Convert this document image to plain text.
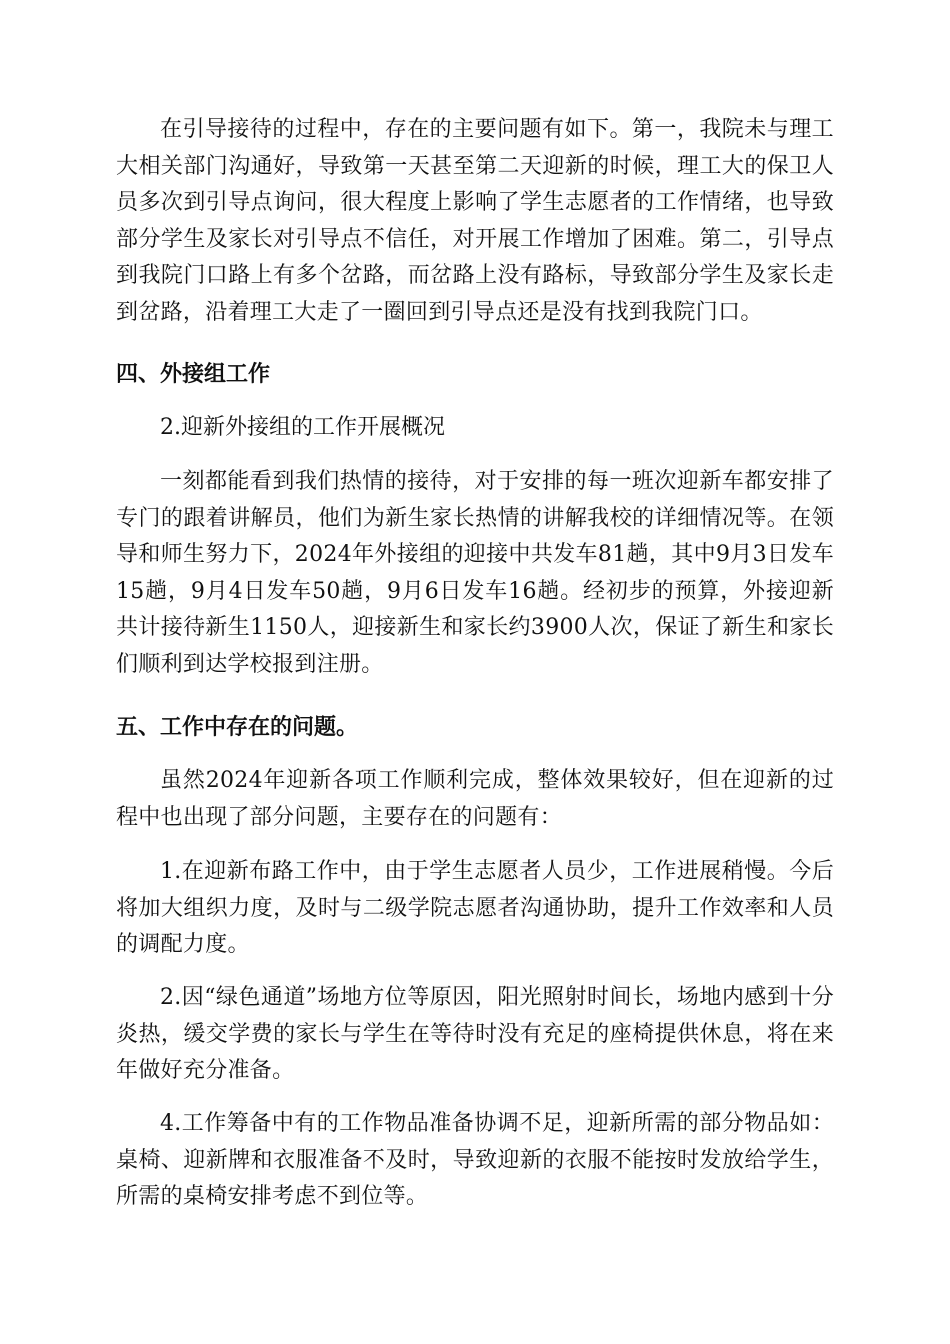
在引导接待的过程中，存在的主要问题有如下。第一，我院未与理工大相关部门沟通好，导致第一天甚至第二天迎新的时候，理工大的保卫人员多次到引导点询问，很大程度上影响了学生志愿者的工作情绪，也导致部分学生及家长对引导点不信任，对开展工作增加了困难。第二，引导点到我院门口路上有多个岔路，而岔路上没有路标，导致部分学生及家长走到岔路，沿着理工大走了一圈回到引导点还是没有找到我院门口。

四、外接组工作

2.迎新外接组的工作开展概况

一刻都能看到我们热情的接待，对于安排的每一班次迎新车都安排了专门的跟着讲解员，他们为新生家长热情的讲解我校的详细情况等。在领导和师生努力下，2024年外接组的迎接中共发车81趟，其中9月3日发车15趟，9月4日发车50趟，9月6日发车16趟。经初步的预算，外接迎新共计接待新生1150人，迎接新生和家长约3900人次，保证了新生和家长们顺利到达学校报到注册。

五、工作中存在的问题。

虽然2024年迎新各项工作顺利完成，整体效果较好，但在迎新的过程中也出现了部分问题，主要存在的问题有：

1.在迎新布路工作中，由于学生志愿者人员少，工作进展稍慢。今后将加大组织力度，及时与二级学院志愿者沟通协助，提升工作效率和人员的调配力度。

2.因“绿色通道”场地方位等原因，阳光照射时间长，场地内感到十分炎热，缓交学费的家长与学生在等待时没有充足的座椅提供休息，将在来年做好充分准备。

4.工作筹备中有的工作物品准备协调不足，迎新所需的部分物品如：桌椅、迎新牌和衣服准备不及时，导致迎新的衣服不能按时发放给学生，所需的桌椅安排考虑不到位等。
